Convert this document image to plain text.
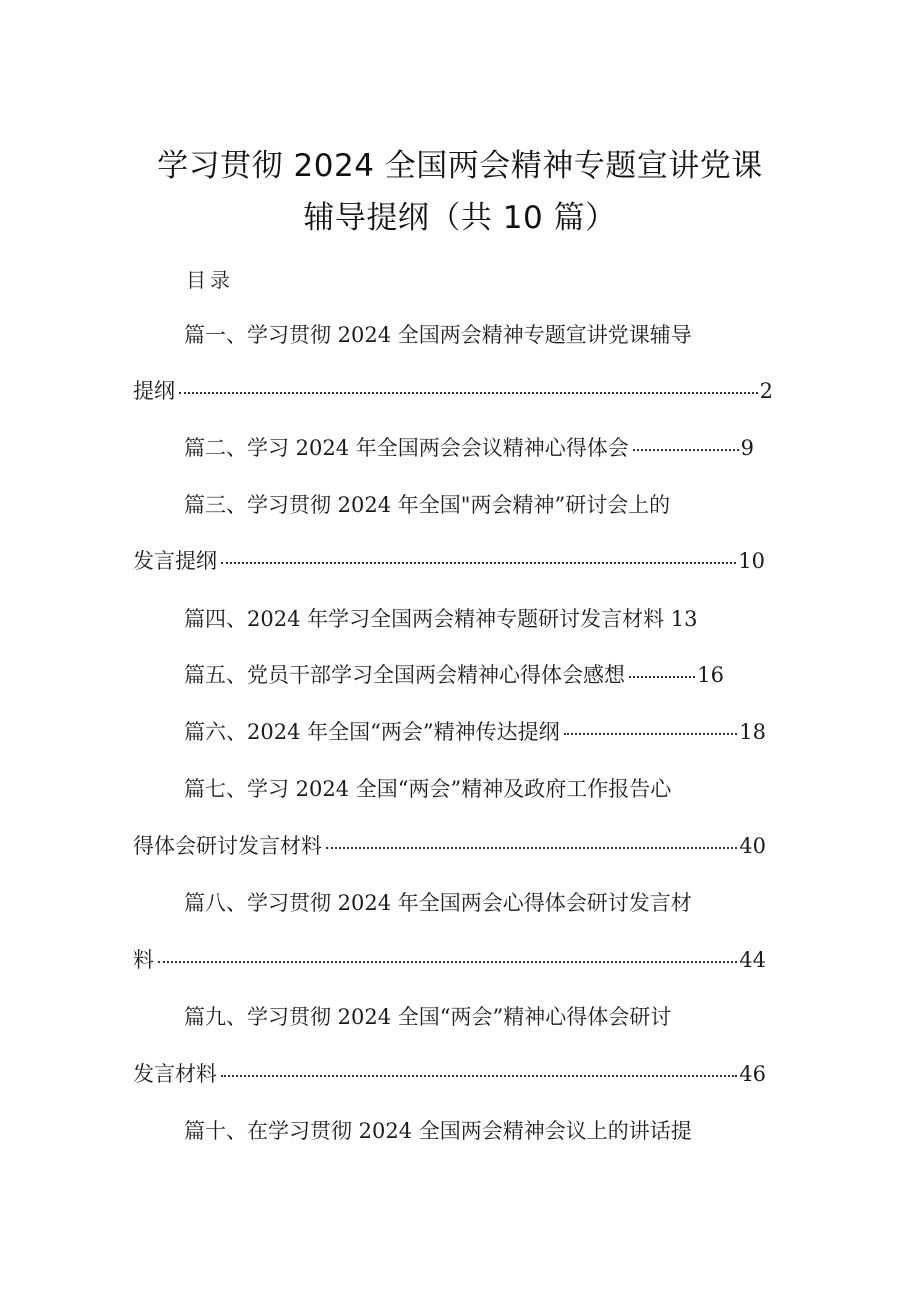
学习贯彻 2024 全国两会精神专题宣讲党课
辅导提纲（共 10 篇）
目录
篇一、学习贯彻 2024 全国两会精神专题宣讲党课辅导
提纲	2
篇二、学习 2024 年全国两会会议精神心得体会	9
篇三、学习贯彻 2024 年全国"两会精神”研讨会上的
发言提纲	10
篇四、2024 年学习全国两会精神专题研讨发言材料 13
篇五、党员干部学习全国两会精神心得体会感想	16
篇六、2024 年全国“两会”精神传达提纲	18
篇七、学习 2024 全国“两会”精神及政府工作报告心
得体会研讨发言材料	40
篇八、学习贯彻 2024 年全国两会心得体会研讨发言材
料	44
篇九、学习贯彻 2024 全国“两会”精神心得体会研讨
发言材料	46
篇十、在学习贯彻 2024 全国两会精神会议上的讲话提
